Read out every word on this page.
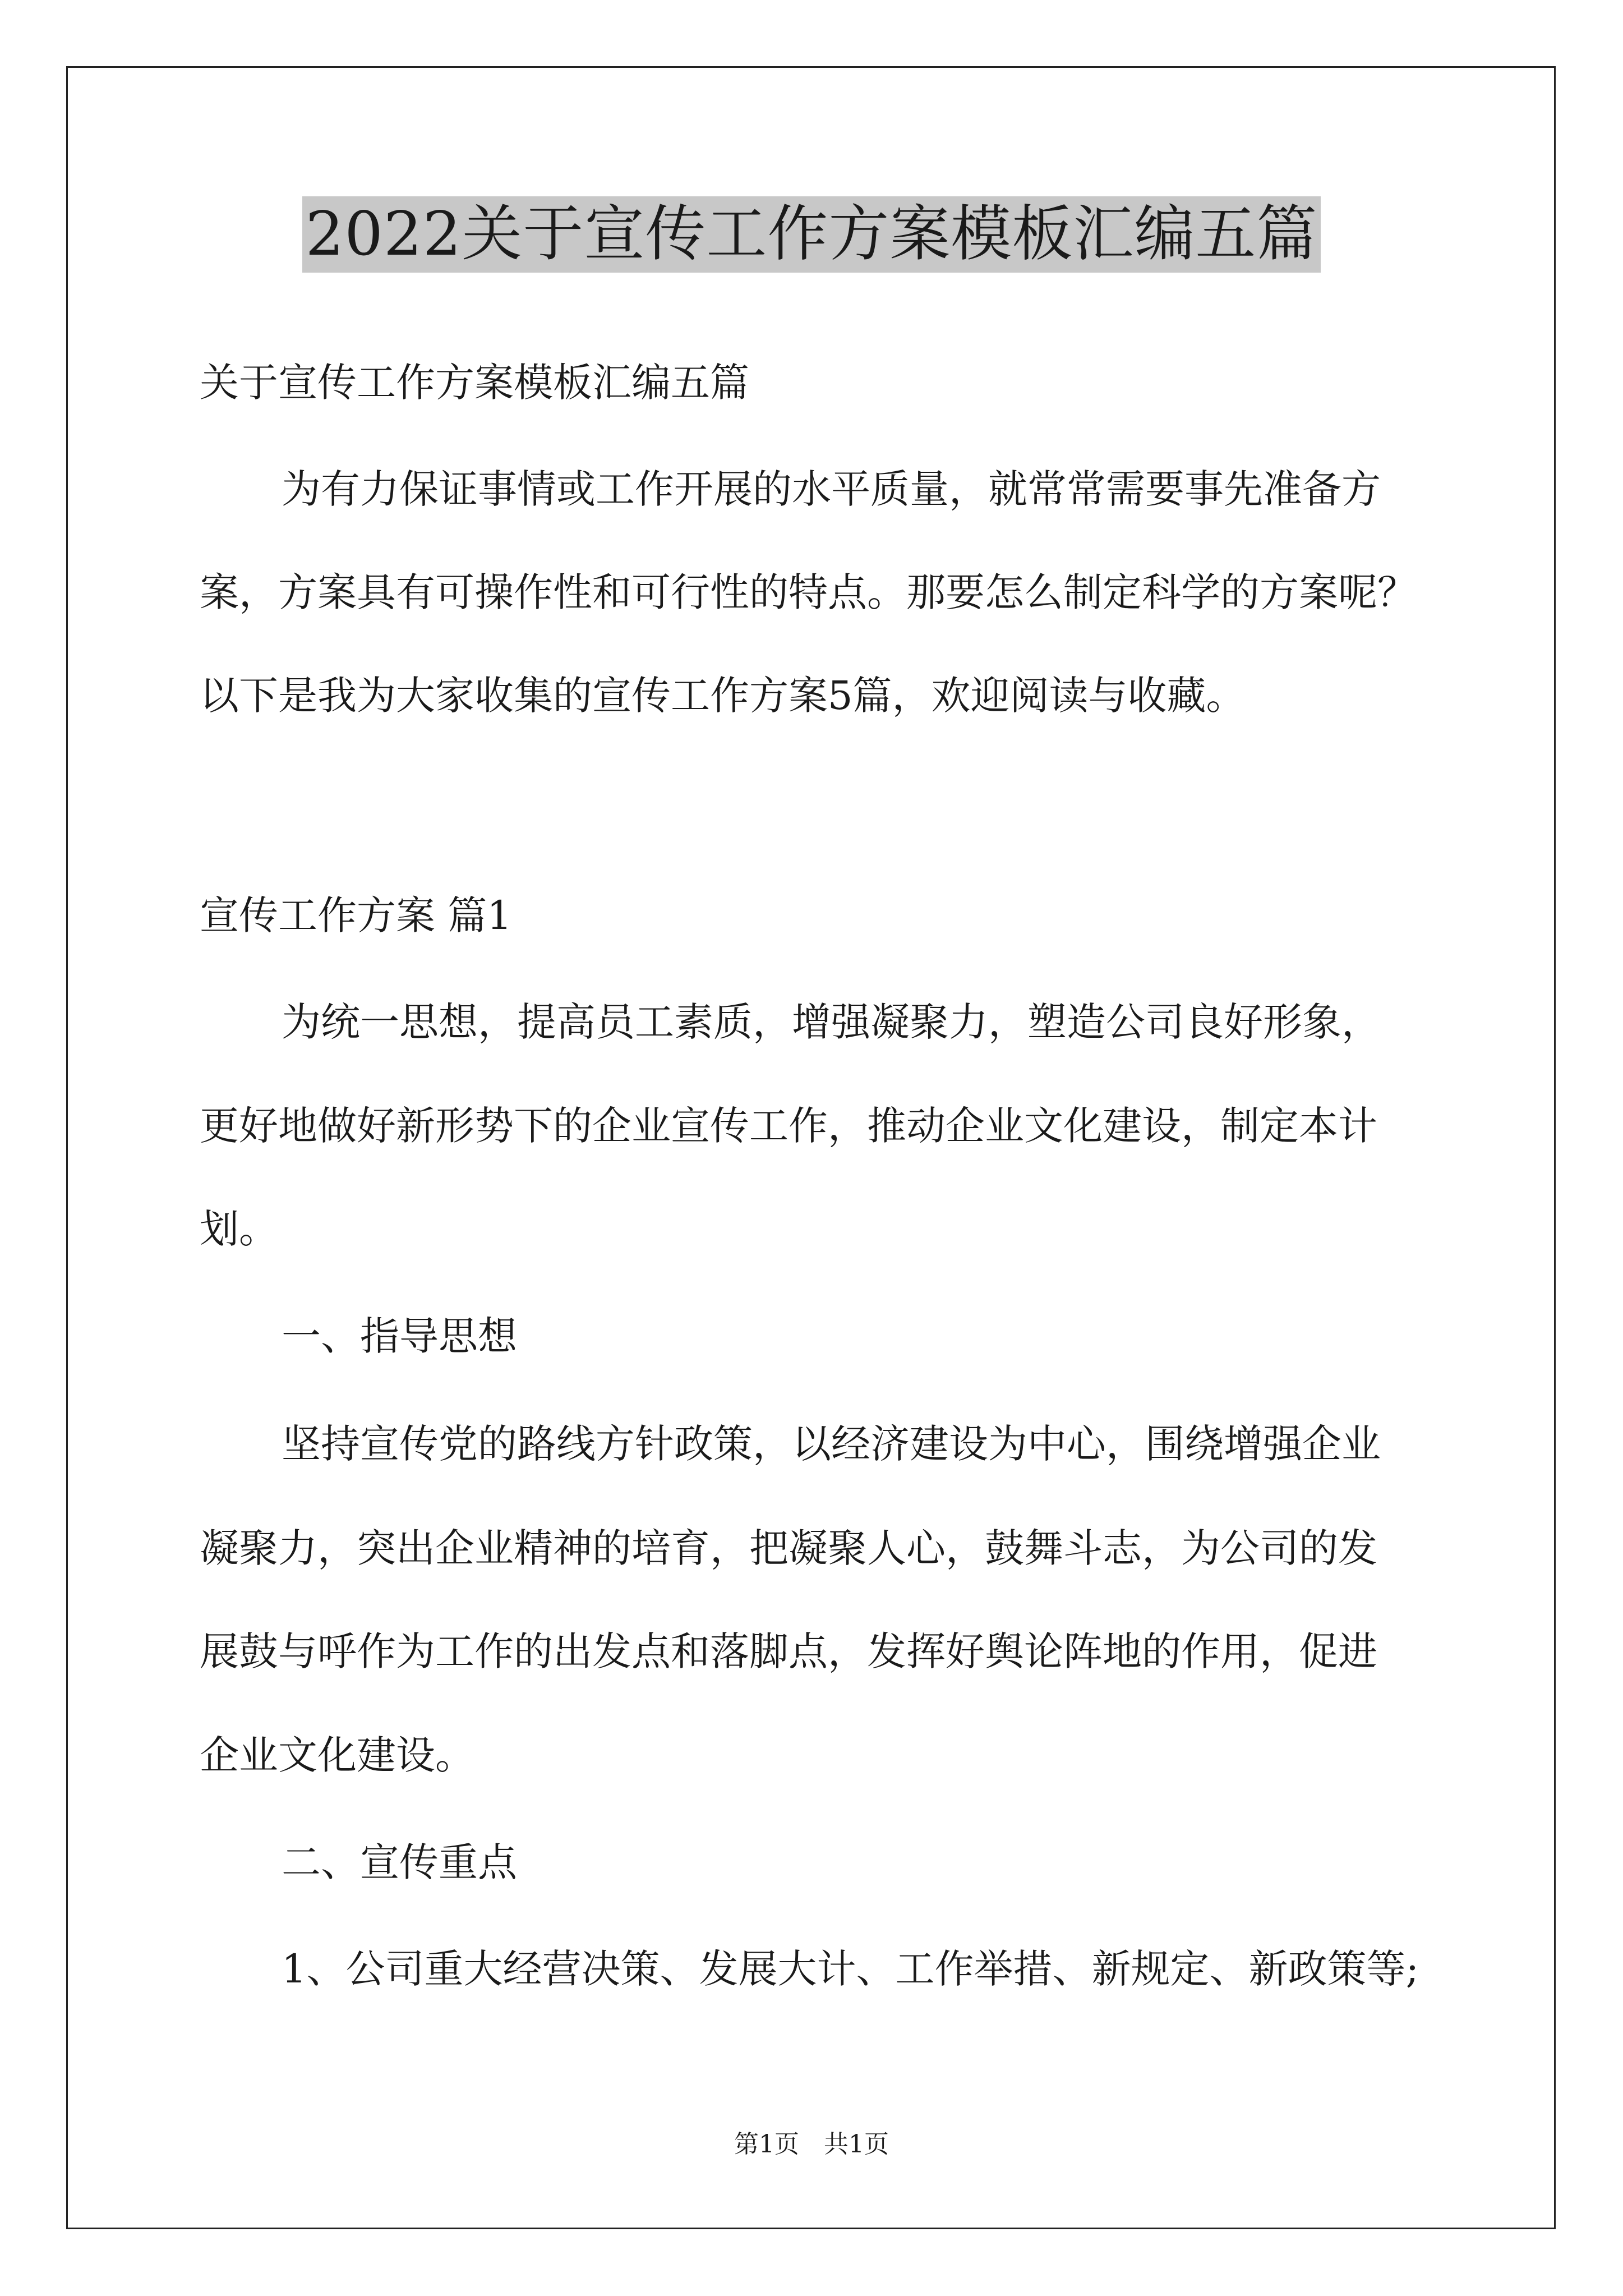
2022关于宣传工作方案模板汇编五篇
关于宣传工作方案模板汇编五篇
为有力保证事情或工作开展的水平质量，就常常需要事先准备方
案，方案具有可操作性和可行性的特点。那要怎么制定科学的方案呢？
以下是我为大家收集的宣传工作方案5篇，欢迎阅读与收藏。
宣传工作方案 篇1
为统一思想，提高员工素质，增强凝聚力，塑造公司良好形象，
更好地做好新形势下的企业宣传工作，推动企业文化建设，制定本计
划。
一、指导思想
坚持宣传党的路线方针政策，以经济建设为中心，围绕增强企业
凝聚力，突出企业精神的培育，把凝聚人心，鼓舞斗志，为公司的发
展鼓与呼作为工作的出发点和落脚点，发挥好舆论阵地的作用，促进
企业文化建设。
二、宣传重点
1、公司重大经营决策、发展大计、工作举措、新规定、新政策等;
第1页　共1页
